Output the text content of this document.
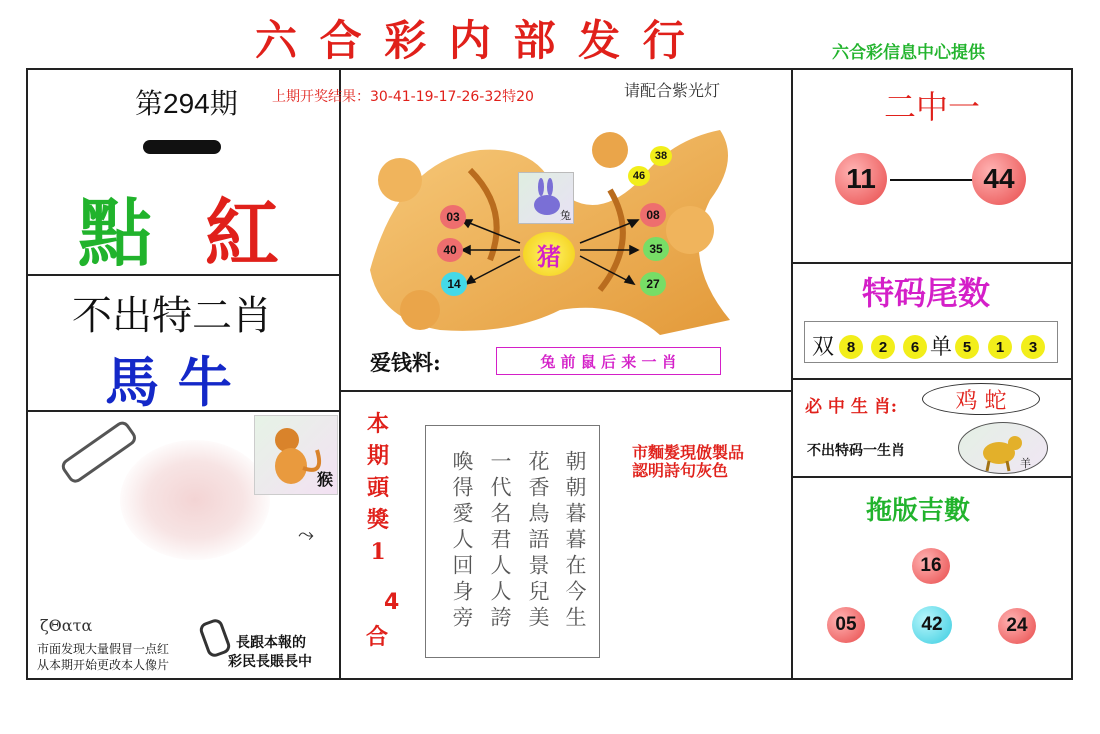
六 合 彩 内 部 发 行	六合彩信息中心提供
第294期 上期开奖结果：30-41-19-17-26-32特20
點 紅
不出特二肖
馬 牛
猴
⤳
ζΘατα
市面发现大量假冒一点红
从本期开始更改本人像片
長跟本報的
彩民長賬長中
请配合紫光灯
兔
猪
03
40
14
08
35
27
38
46
爱钱料:	兔 前 鼠 后 来 一 肖
本
期
頭
獎
1
4
合
朝朝暮暮在今生
花香鳥語景兒美
一代名君人人誇
喚得愛人回身旁	市麵髮現倣製品
認明詩句灰色
二中一
11	44
特码尾数
双 8	2	6 单 5	1	3
必 中 生 肖:	鸡 蛇
不出特码一生肖
羊
拖版吉數
16
05	42	24
